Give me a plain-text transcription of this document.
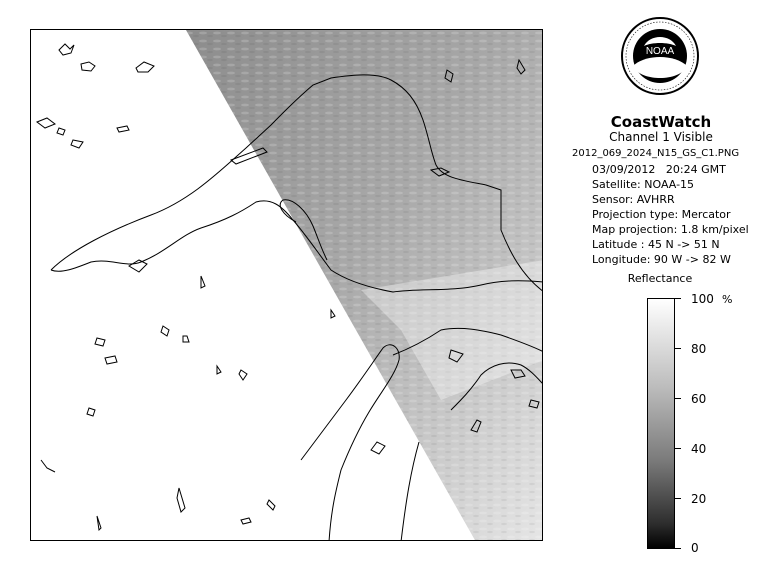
NOAA
CoastWatch
Channel 1 Visible
2012_069_2024_N15_GS_C1.PNG
03/09/2012 20:24 GMT
Satellite: NOAA-15
Sensor: AVHRR
Projection type: Mercator
Map projection: 1.8 km/pixel
Latitude : 45 N -> 51 N
Longitude: 90 W -> 82 W
Reflectance
%
100
80
60
40
20
0
